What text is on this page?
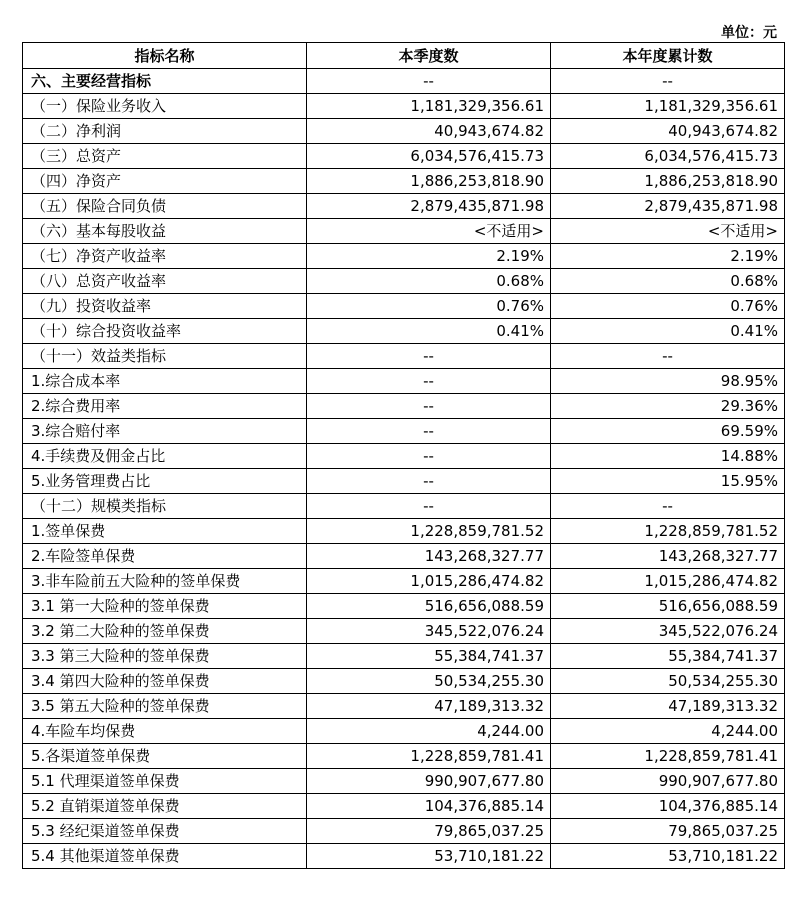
单位：元
指标名称	本季度数	本年度累计数
六、主要经营指标	--	--
（一）保险业务收入	1,181,329,356.61	1,181,329,356.61
（二）净利润	40,943,674.82	40,943,674.82
（三）总资产	6,034,576,415.73	6,034,576,415.73
（四）净资产	1,886,253,818.90	1,886,253,818.90
（五）保险合同负债	2,879,435,871.98	2,879,435,871.98
（六）基本每股收益	<不适用>	<不适用>
（七）净资产收益率	2.19%	2.19%
（八）总资产收益率	0.68%	0.68%
（九）投资收益率	0.76%	0.76%
（十）综合投资收益率	0.41%	0.41%
（十一）效益类指标	--	--
1.综合成本率	--	98.95%
2.综合费用率	--	29.36%
3.综合赔付率	--	69.59%
4.手续费及佣金占比	--	14.88%
5.业务管理费占比	--	15.95%
（十二）规模类指标	--	--
1.签单保费	1,228,859,781.52	1,228,859,781.52
2.车险签单保费	143,268,327.77	143,268,327.77
3.非车险前五大险种的签单保费	1,015,286,474.82	1,015,286,474.82
3.1 第一大险种的签单保费	516,656,088.59	516,656,088.59
3.2 第二大险种的签单保费	345,522,076.24	345,522,076.24
3.3 第三大险种的签单保费	55,384,741.37	55,384,741.37
3.4 第四大险种的签单保费	50,534,255.30	50,534,255.30
3.5 第五大险种的签单保费	47,189,313.32	47,189,313.32
4.车险车均保费	4,244.00	4,244.00
5.各渠道签单保费	1,228,859,781.41	1,228,859,781.41
5.1 代理渠道签单保费	990,907,677.80	990,907,677.80
5.2 直销渠道签单保费	104,376,885.14	104,376,885.14
5.3 经纪渠道签单保费	79,865,037.25	79,865,037.25
5.4 其他渠道签单保费	53,710,181.22	53,710,181.22
